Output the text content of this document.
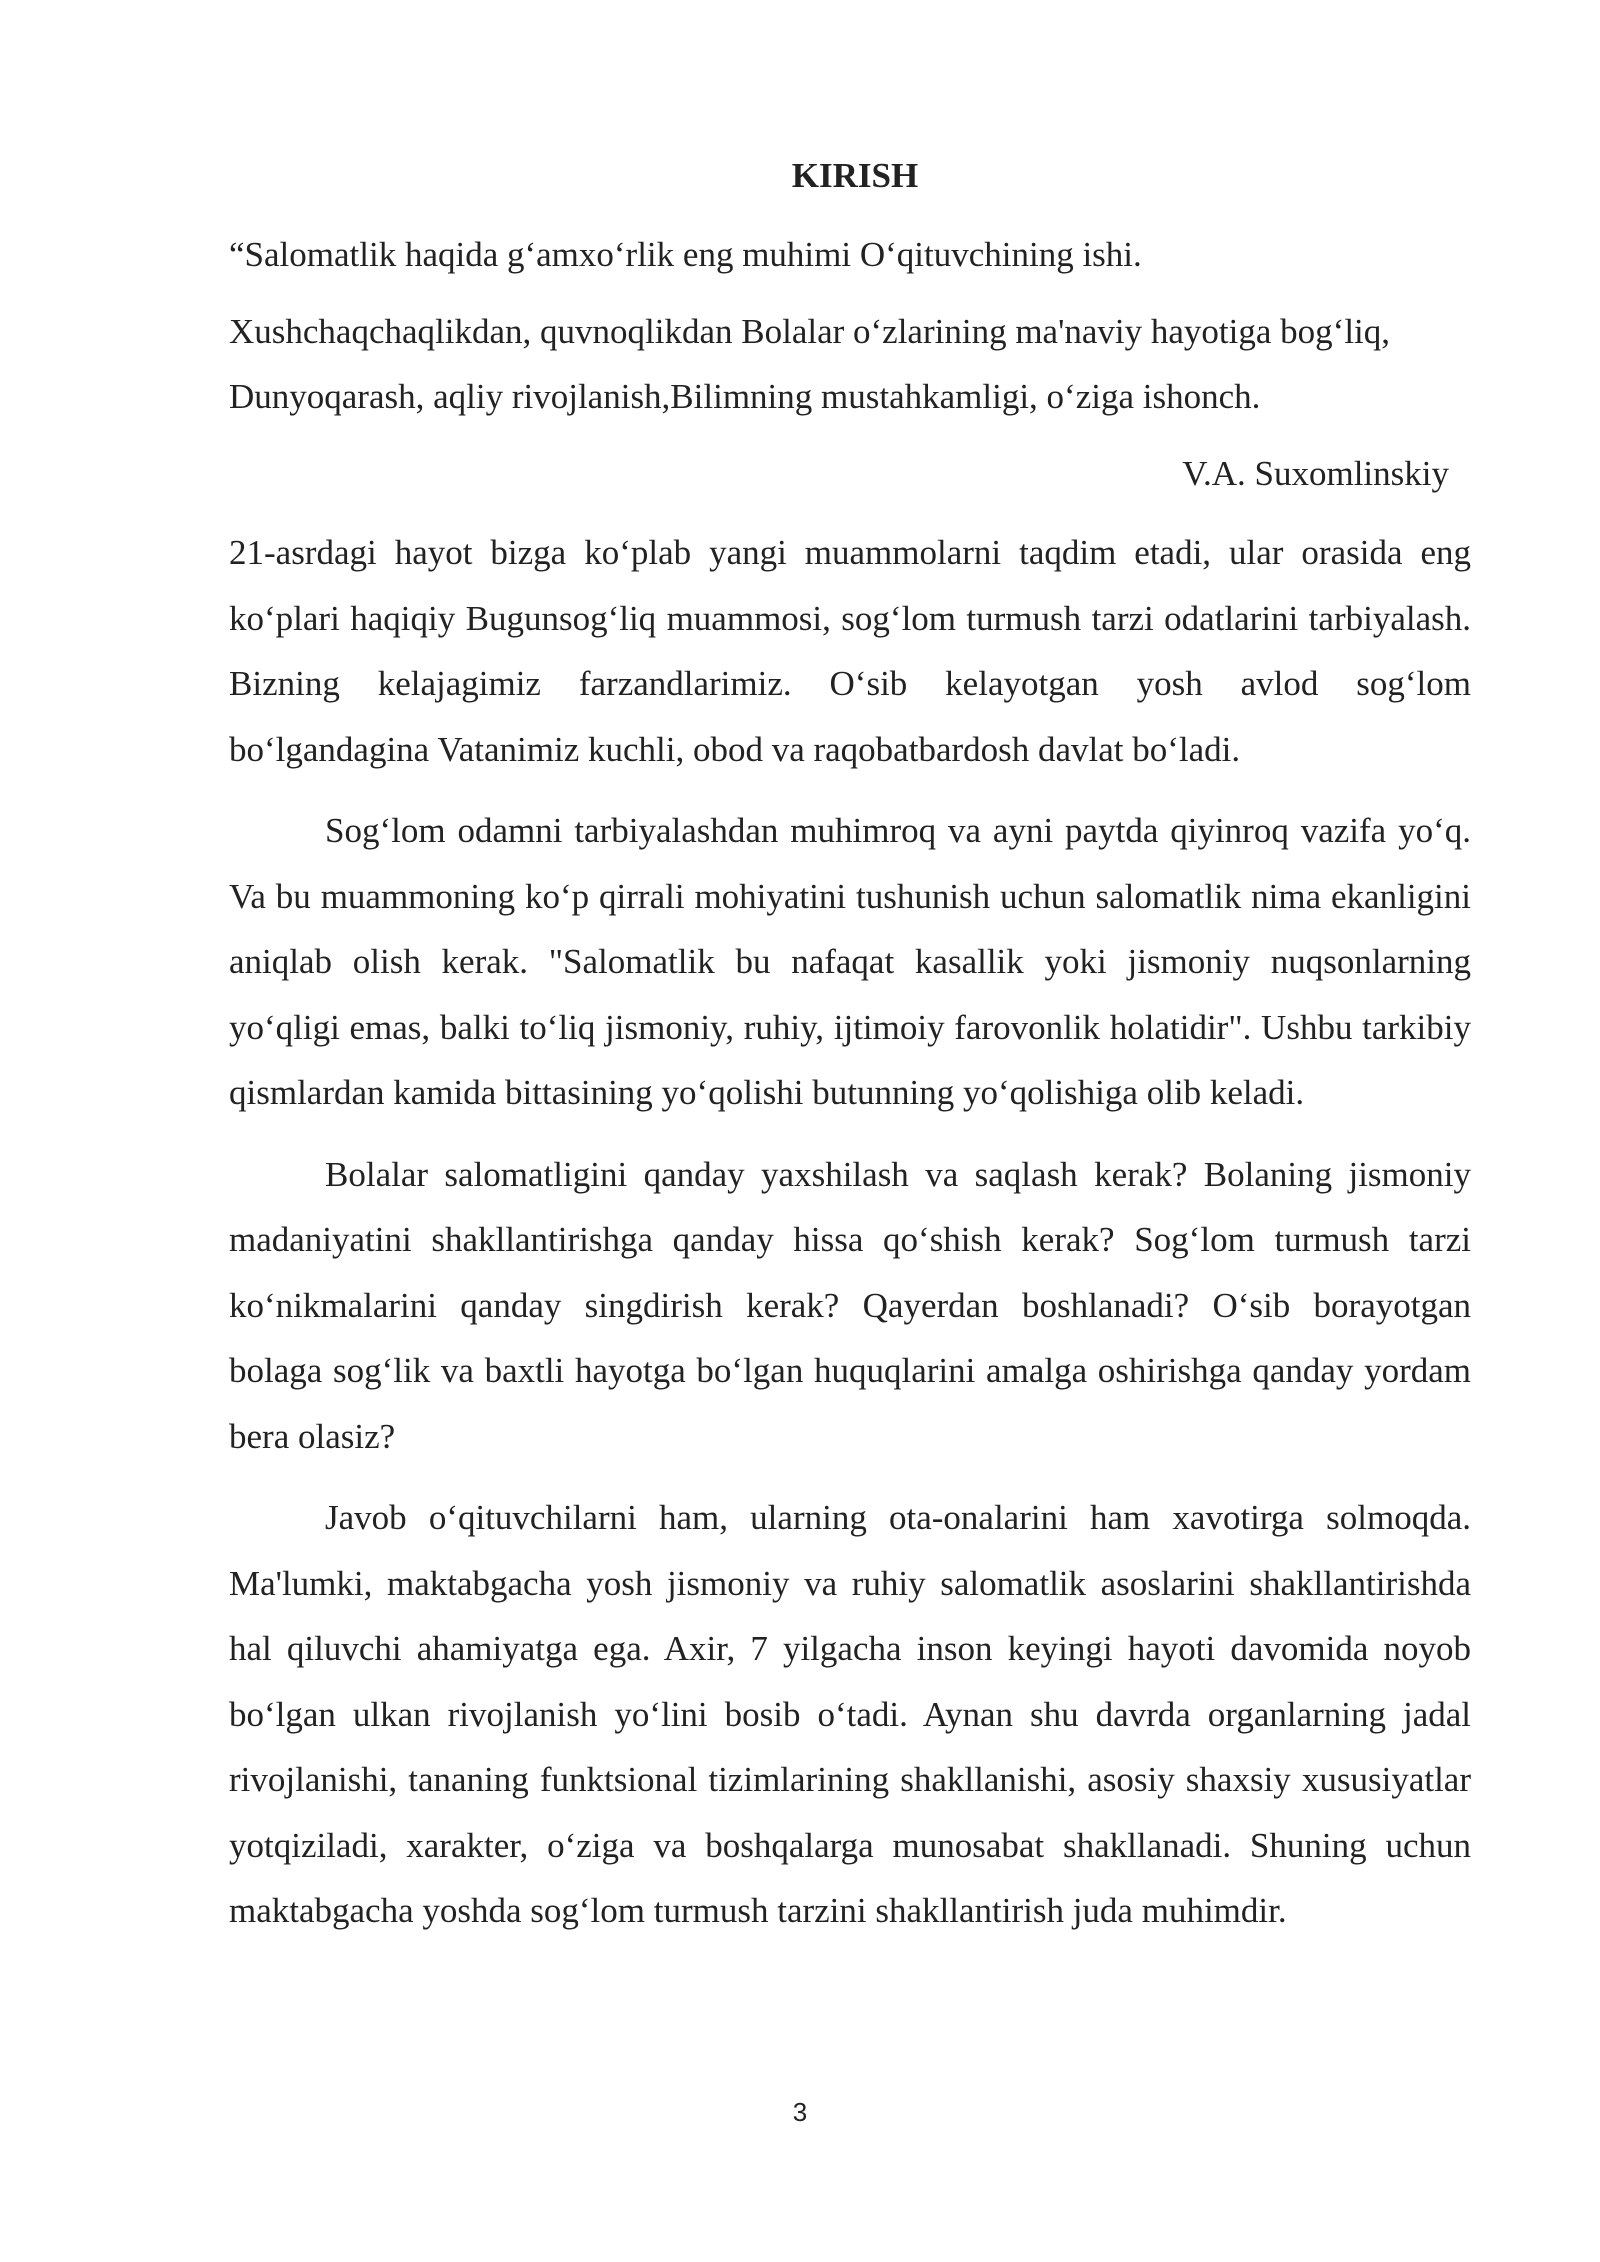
KIRISH

“Salomatlik haqida g‘amxo‘rlik eng muhimi O‘qituvchining ishi.

Xushchaqchaqlikdan, quvnoqlikdan Bolalar o‘zlarining ma'naviy hayotiga bog‘liq,

Dunyoqarash, aqliy rivojlanish,Bilimning mustahkamligi, o‘ziga ishonch.

V.A. Suxomlinskiy

21-asrdagi hayot bizga ko‘plab yangi muammolarni taqdim etadi, ular orasida eng ko‘plari haqiqiy Bugunsog‘liq muammosi, sog‘lom turmush tarzi odatlarini tarbiyalash. Bizning kelajagimiz farzandlarimiz. O‘sib kelayotgan yosh avlod sog‘lom bo‘lgandagina Vatanimiz kuchli, obod va raqobatbardosh davlat bo‘ladi.

Sog‘lom odamni tarbiyalashdan muhimroq va ayni paytda qiyinroq vazifa yo‘q. Va bu muammoning ko‘p qirrali mohiyatini tushunish uchun salomatlik nima ekanligini aniqlab olish kerak. "Salomatlik bu nafaqat kasallik yoki jismoniy nuqsonlarning yo‘qligi emas, balki to‘liq jismoniy, ruhiy, ijtimoiy farovonlik holatidir". Ushbu tarkibiy qismlardan kamida bittasining yo‘qolishi butunning yo‘qolishiga olib keladi.

Bolalar salomatligini qanday yaxshilash va saqlash kerak? Bolaning jismoniy madaniyatini shakllantirishga qanday hissa qo‘shish kerak? Sog‘lom turmush tarzi ko‘nikmalarini qanday singdirish kerak? Qayerdan boshlanadi? O‘sib borayotgan bolaga sog‘lik va baxtli hayotga bo‘lgan huquqlarini amalga oshirishga qanday yordam bera olasiz?

Javob o‘qituvchilarni ham, ularning ota-onalarini ham xavotirga solmoqda. Ma'lumki, maktabgacha yosh jismoniy va ruhiy salomatlik asoslarini shakllantirishda hal qiluvchi ahamiyatga ega. Axir, 7 yilgacha inson keyingi hayoti davomida noyob bo‘lgan ulkan rivojlanish yo‘lini bosib o‘tadi. Aynan shu davrda organlarning jadal rivojlanishi, tananing funktsional tizimlarining shakllanishi, asosiy shaxsiy xususiyatlar yotqiziladi, xarakter, o‘ziga va boshqalarga munosabat shakllanadi. Shuning uchun maktabgacha yoshda sog‘lom turmush tarzini shakllantirish juda muhimdir.

3
